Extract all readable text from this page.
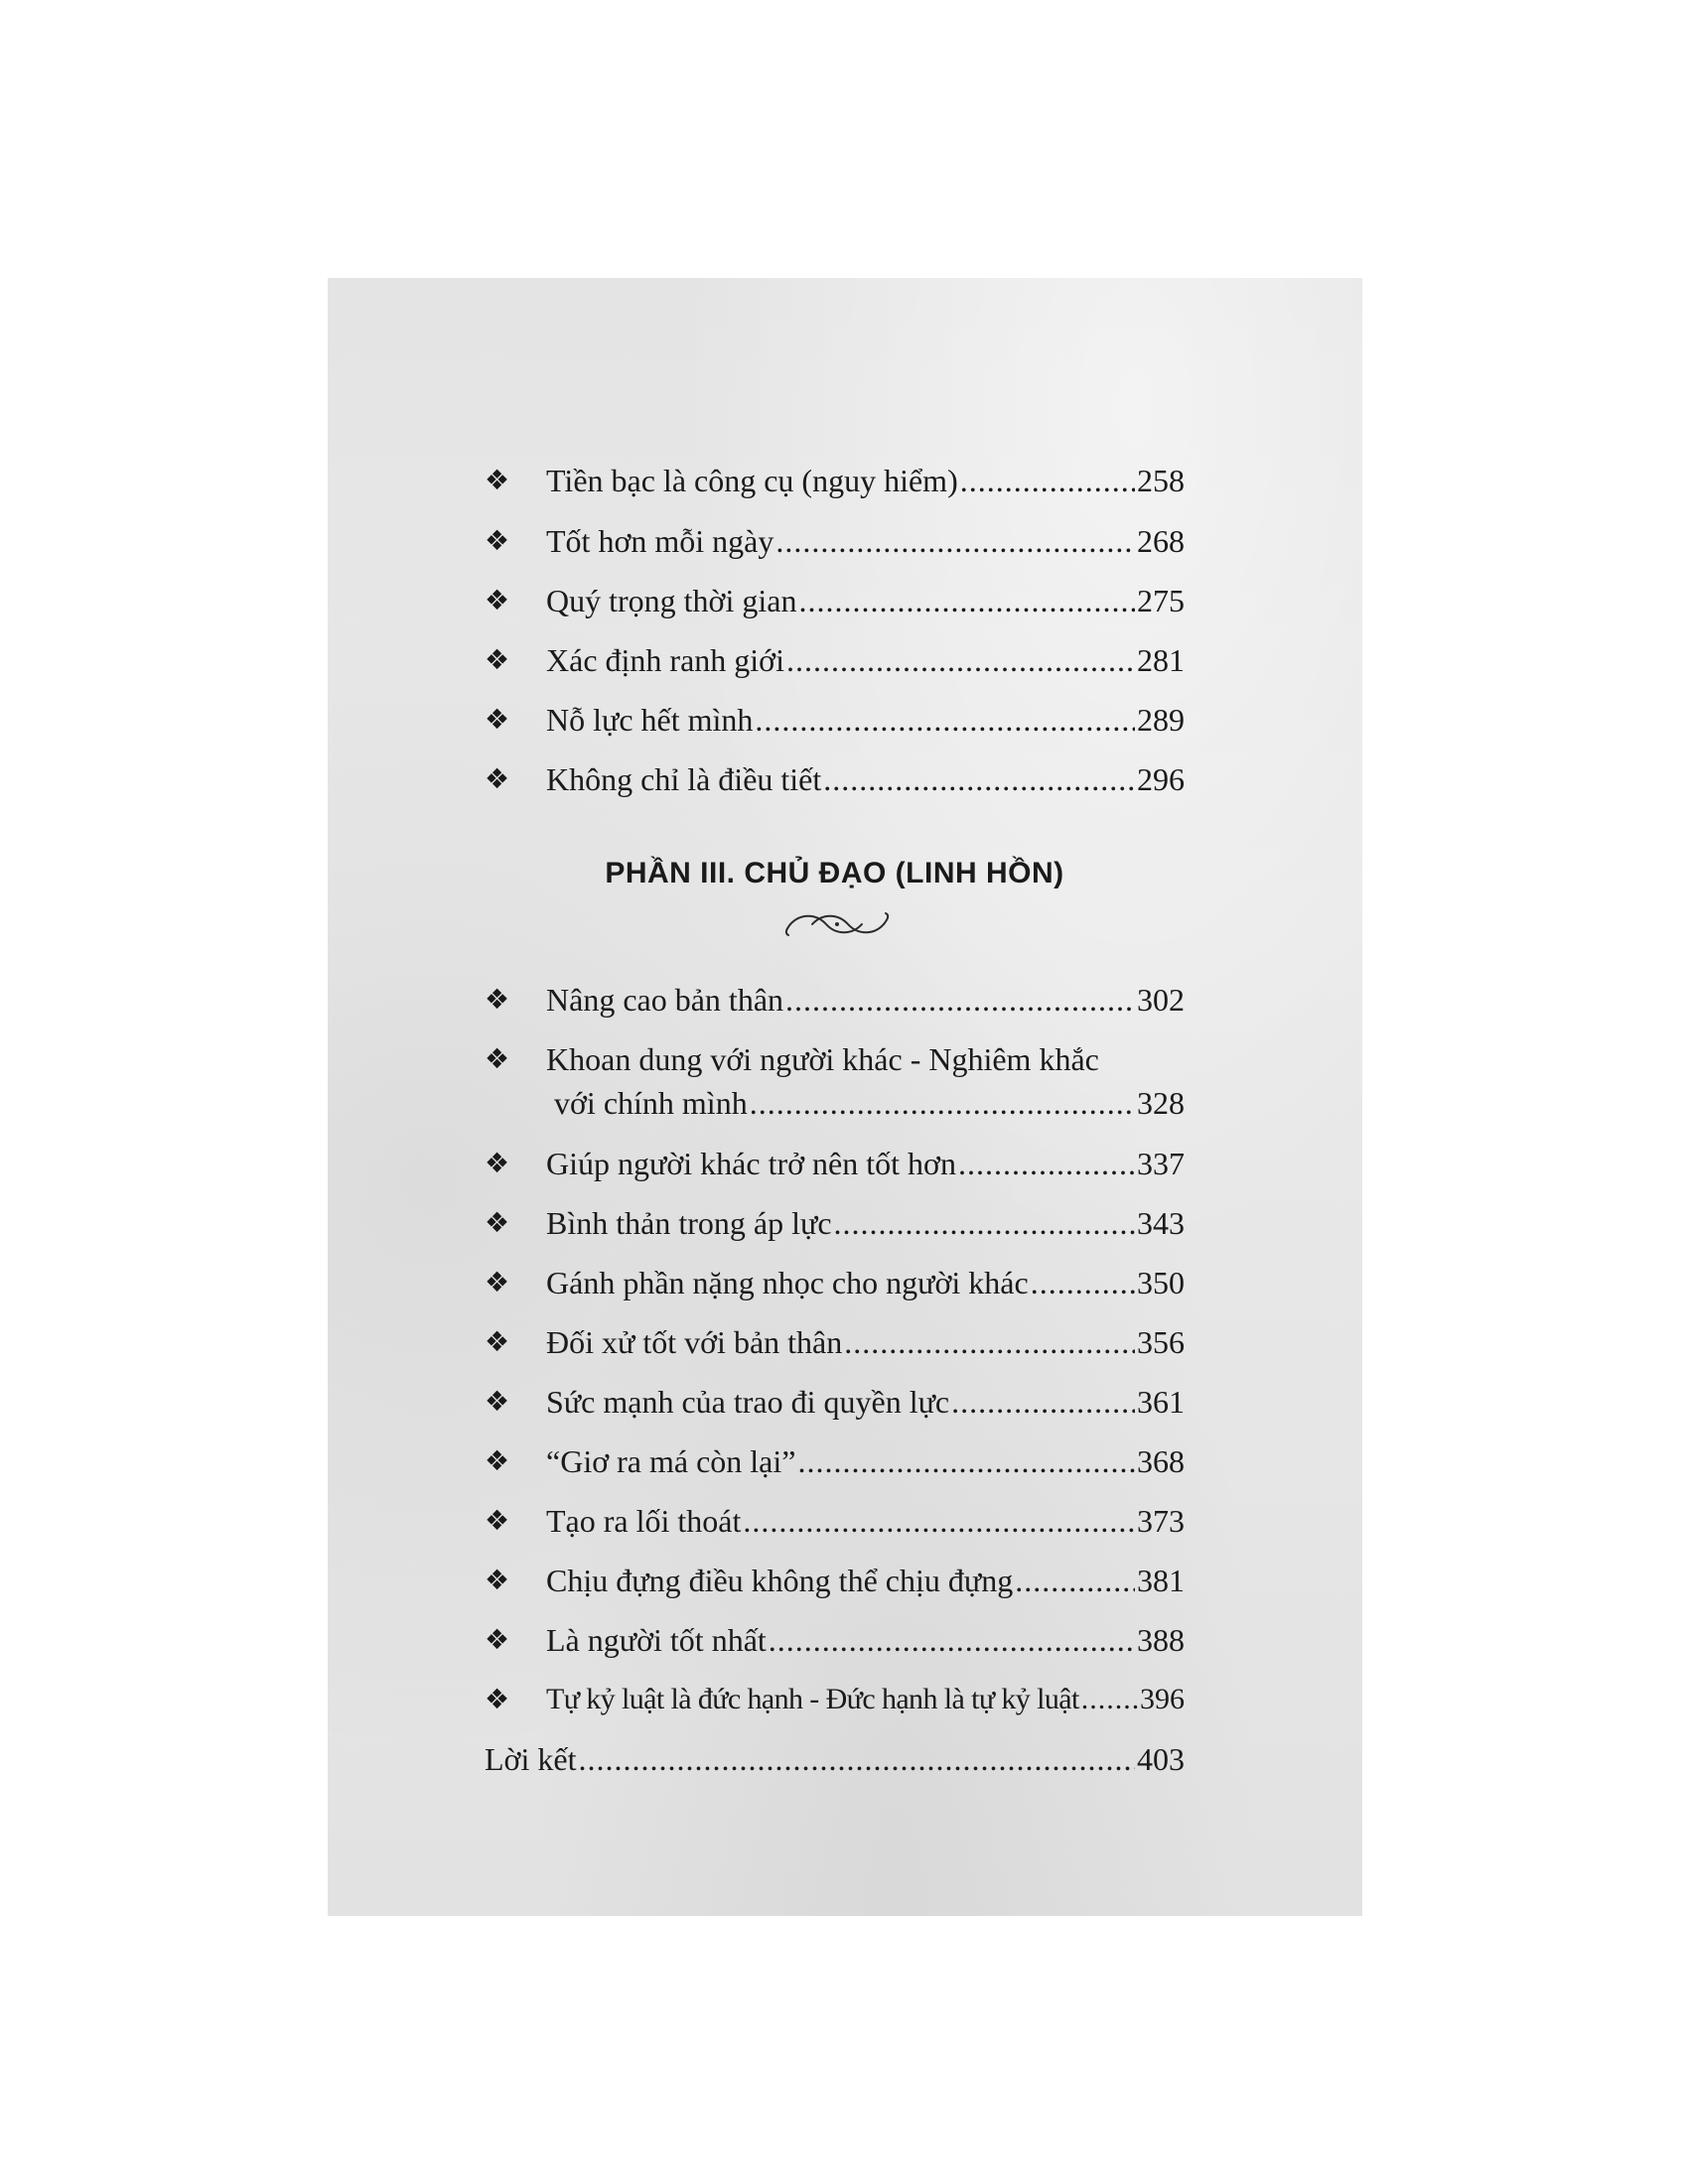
❖ Tiền bạc là công cụ (nguy hiểm) .....	258
❖ Tốt hơn mỗi ngày .....	268
❖ Quý trọng thời gian .....	275
❖ Xác định ranh giới .....	281
❖ Nỗ lực hết mình .....	289
❖ Không chỉ là điều tiết .....	296
PHẦN III. CHỦ ĐẠO (LINH HỒN)
❖ Nâng cao bản thân .....	302
❖ Khoan dung với người khác - Nghiêm khắc
với chính mình .....	328
❖ Giúp người khác trở nên tốt hơn .....	337
❖ Bình thản trong áp lực .....	343
❖ Gánh phần nặng nhọc cho người khác .....	350
❖ Đối xử tốt với bản thân .....	356
❖ Sức mạnh của trao đi quyền lực .....	361
❖ “Giơ ra má còn lại” .....	368
❖ Tạo ra lối thoát .....	373
❖ Chịu đựng điều không thể chịu đựng .....	381
❖ Là người tốt nhất .....	388
❖ Tự kỷ luật là đức hạnh - Đức hạnh là tự kỷ luật ..... 396
Lời kết .....	403
